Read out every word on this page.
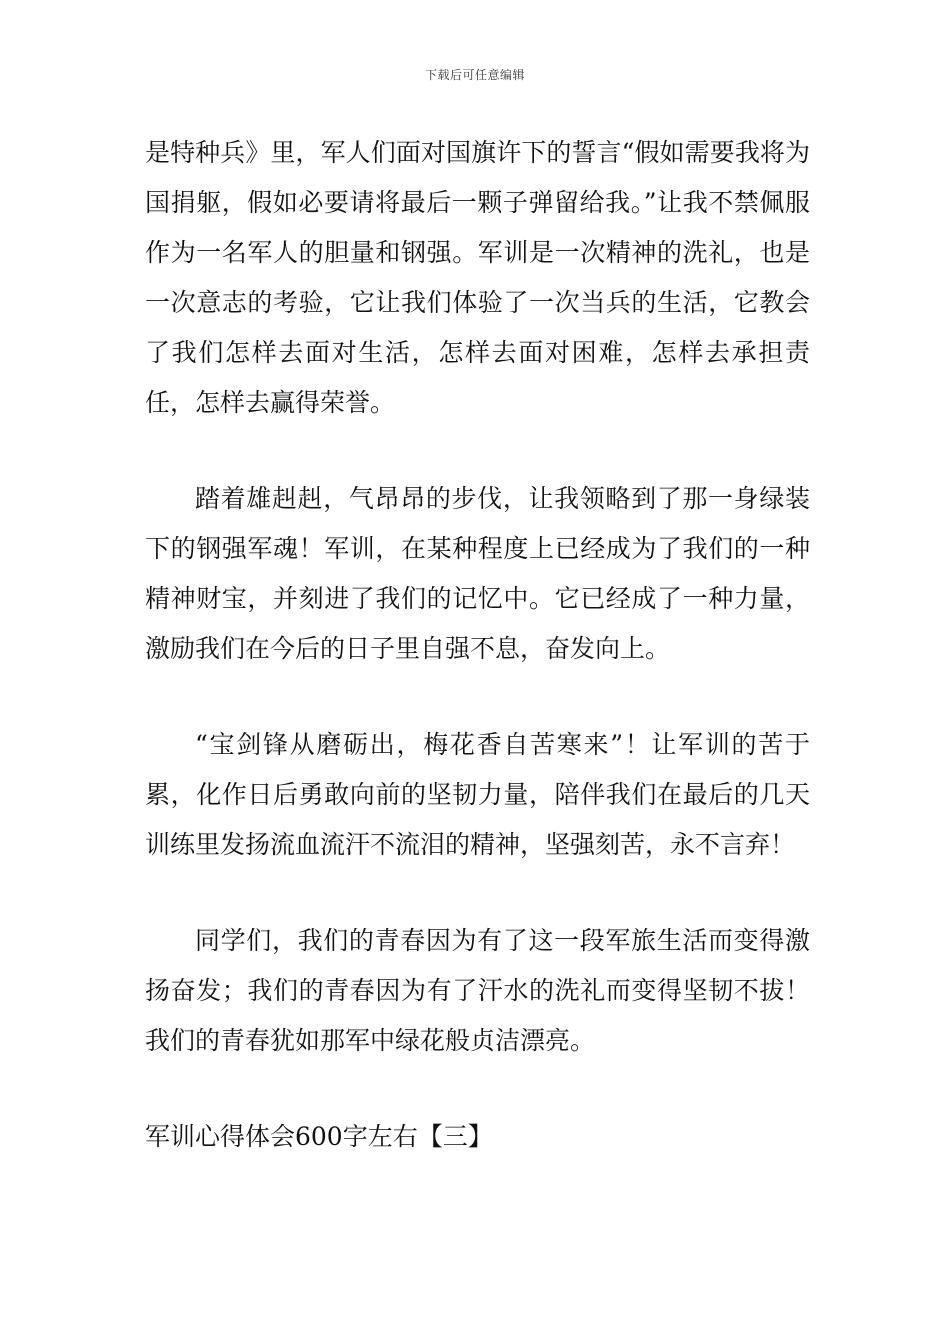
下载后可任意编辑

是特种兵》里，军人们面对国旗许下的誓言“假如需要我将为国捐躯，假如必要请将最后一颗子弹留给我。”让我不禁佩服作为一名军人的胆量和钢强。军训是一次精神的洗礼，也是一次意志的考验，它让我们体验了一次当兵的生活，它教会了我们怎样去面对生活，怎样去面对困难，怎样去承担责任，怎样去赢得荣誉。

踏着雄赳赳，气昂昂的步伐，让我领略到了那一身绿装下的钢强军魂！军训，在某种程度上已经成为了我们的一种精神财宝，并刻进了我们的记忆中。它已经成了一种力量，激励我们在今后的日子里自强不息，奋发向上。

“宝剑锋从磨砺出，梅花香自苦寒来”！让军训的苦于累，化作日后勇敢向前的坚韧力量，陪伴我们在最后的几天训练里发扬流血流汗不流泪的精神，坚强刻苦，永不言弃！

同学们，我们的青春因为有了这一段军旅生活而变得激扬奋发；我们的青春因为有了汗水的洗礼而变得坚韧不拔！我们的青春犹如那军中绿花般贞洁漂亮。

军训心得体会600字左右【三】
